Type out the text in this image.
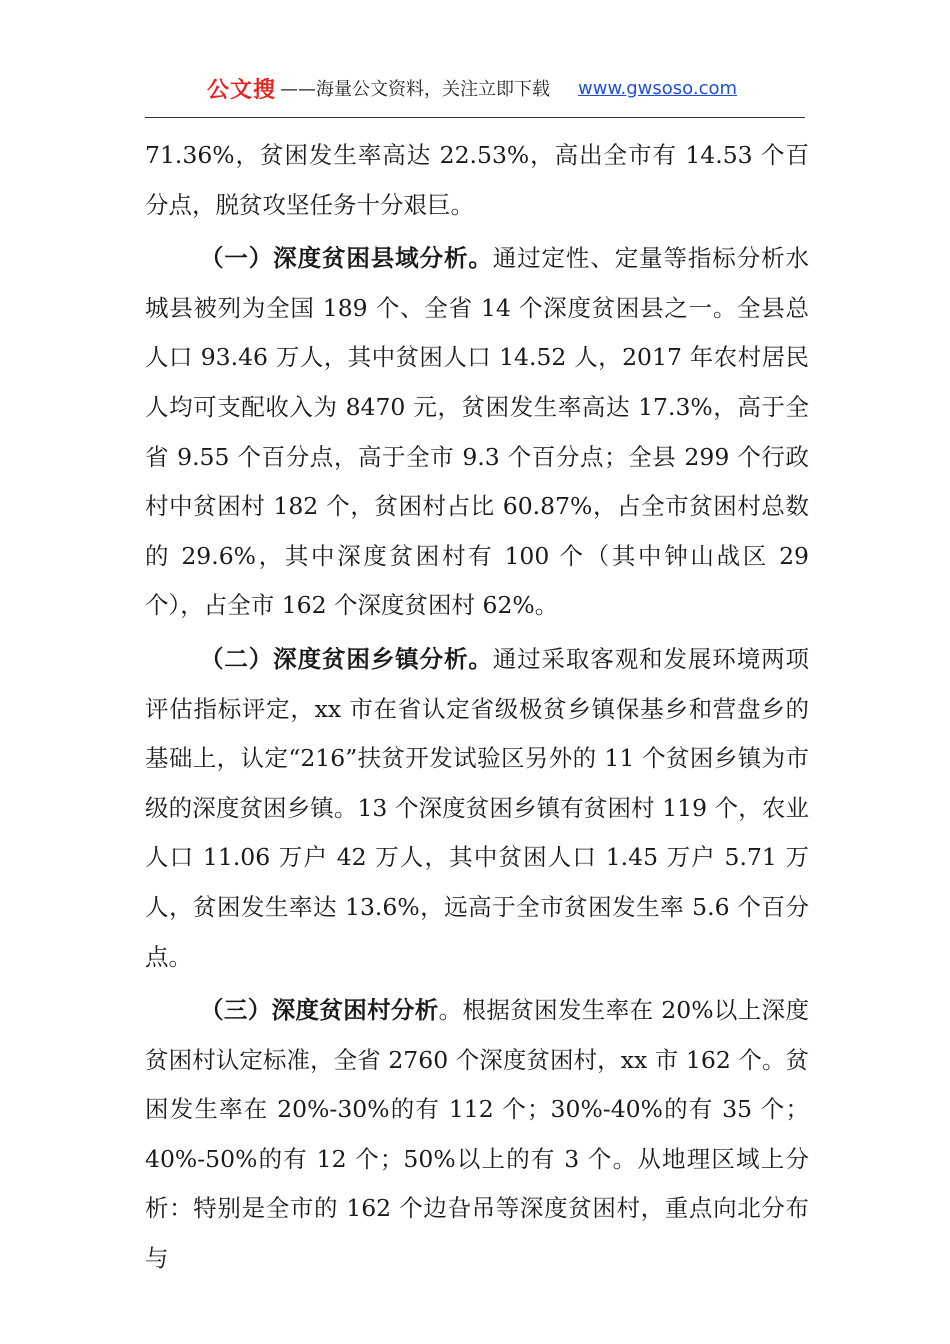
公文搜 ——海量公文资料，关注立即下载 www.gwsoso.com

71.36%，贫困发生率高达 22.53%，高出全市有 14.53 个百分点，脱贫攻坚任务十分艰巨。

（一）深度贫困县域分析。通过定性、定量等指标分析水城县被列为全国 189 个、全省 14 个深度贫困县之一。全县总人口 93.46 万人，其中贫困人口 14.52 人，2017 年农村居民人均可支配收入为 8470 元，贫困发生率高达 17.3%，高于全省 9.55 个百分点，高于全市 9.3 个百分点；全县 299 个行政村中贫困村 182 个，贫困村占比 60.87%，占全市贫困村总数的 29.6%，其中深度贫困村有 100 个（其中钟山战区 29 个），占全市 162 个深度贫困村 62%。

（二）深度贫困乡镇分析。通过采取客观和发展环境两项评估指标评定，xx 市在省认定省级极贫乡镇保基乡和营盘乡的基础上，认定“216”扶贫开发试验区另外的 11 个贫困乡镇为市级的深度贫困乡镇。13 个深度贫困乡镇有贫困村 119 个，农业人口 11.06 万户 42 万人，其中贫困人口 1.45 万户 5.71 万人，贫困发生率达 13.6%，远高于全市贫困发生率 5.6 个百分点。

（三）深度贫困村分析。根据贫困发生率在 20%以上深度贫困村认定标准，全省 2760 个深度贫困村，xx 市 162 个。贫困发生率在 20%-30%的有 112 个；30%-40%的有 35 个；40%-50%的有 12 个；50%以上的有 3 个。从地理区域上分析：特别是全市的 162 个边旮吊等深度贫困村，重点向北分布与
